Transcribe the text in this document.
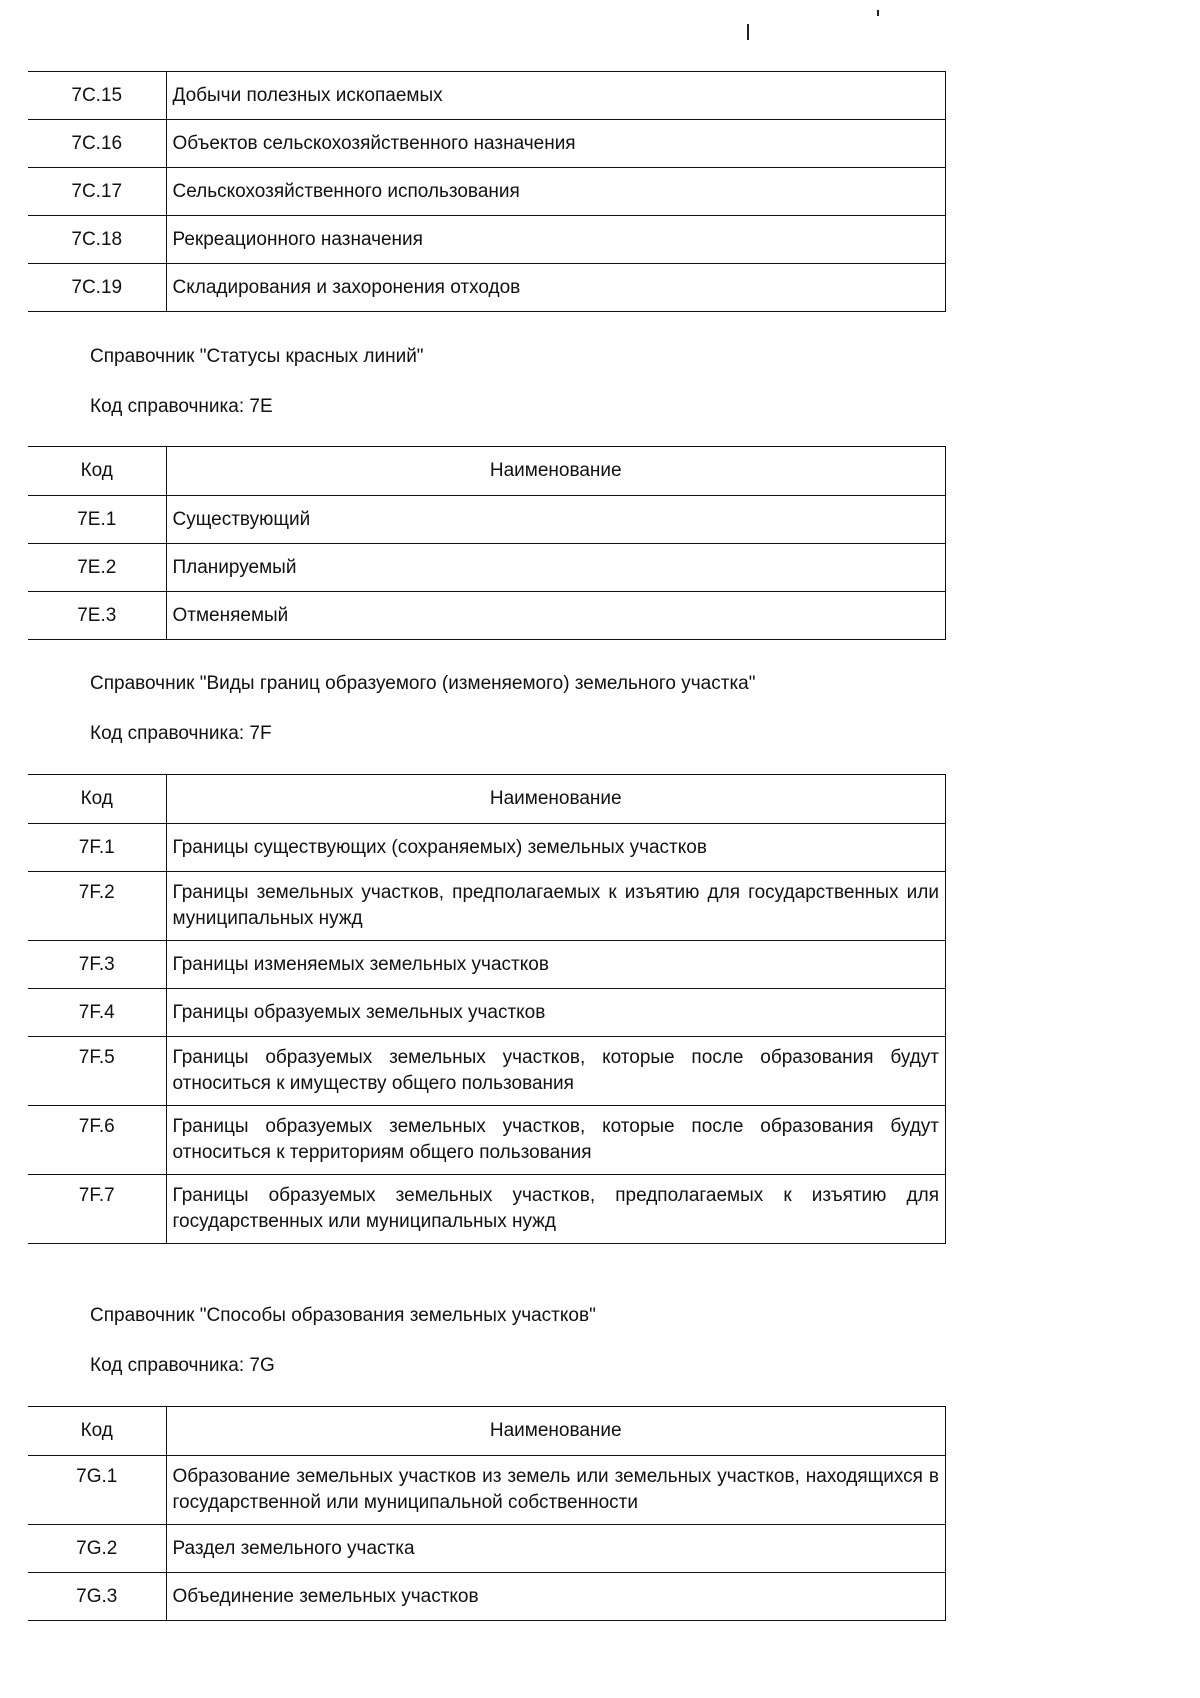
7C.15	Добычи полезных ископаемых
7C.16	Объектов сельскохозяйственного назначения
7C.17	Сельскохозяйственного использования
7C.18	Рекреационного назначения
7C.19	Складирования и захоронения отходов
Справочник "Статусы красных линий"
Код справочника: 7E
Код	Наименование
7E.1	Существующий
7E.2	Планируемый
7E.3	Отменяемый
Справочник "Виды границ образуемого (изменяемого) земельного участка"
Код справочника: 7F
Код	Наименование
7F.1	Границы существующих (сохраняемых) земельных участков
7F.2	Границы земельных участков, предполагаемых к изъятию для государственных или муниципальных нужд
7F.3	Границы изменяемых земельных участков
7F.4	Границы образуемых земельных участков
7F.5	Границы образуемых земельных участков, которые после образования будут относиться к имуществу общего пользования
7F.6	Границы образуемых земельных участков, которые после образования будут относиться к территориям общего пользования
7F.7	Границы образуемых земельных участков, предполагаемых к изъятию для государственных или муниципальных нужд
Справочник "Способы образования земельных участков"
Код справочника: 7G
Код	Наименование
7G.1	Образование земельных участков из земель или земельных участков, находящихся в государственной или муниципальной собственности
7G.2	Раздел земельного участка
7G.3	Объединение земельных участков
